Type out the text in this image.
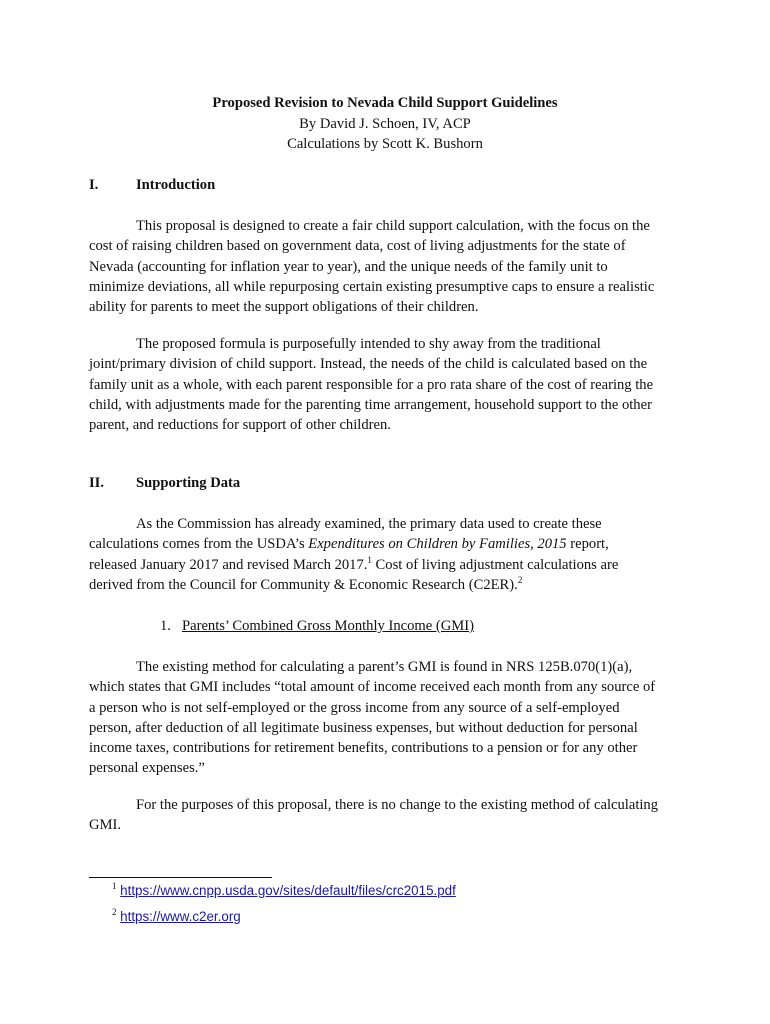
Proposed Revision to Nevada Child Support Guidelines
By David J. Schoen, IV, ACP
Calculations by Scott K. Bushorn
I.	Introduction
This proposal is designed to create a fair child support calculation, with the focus on the
cost of raising children based on government data, cost of living adjustments for the state of
Nevada (accounting for inflation year to year), and the unique needs of the family unit to
minimize deviations, all while repurposing certain existing presumptive caps to ensure a realistic
ability for parents to meet the support obligations of their children.
The proposed formula is purposefully intended to shy away from the traditional
joint/primary division of child support. Instead, the needs of the child is calculated based on the
family unit as a whole, with each parent responsible for a pro rata share of the cost of rearing the
child, with adjustments made for the parenting time arrangement, household support to the other
parent, and reductions for support of other children.
II. Supporting Data
As the Commission has already examined, the primary data used to create these
calculations comes from the USDA’s Expenditures on Children by Families, 2015 report,
released January 2017 and revised March 2017.$^1$ Cost of living adjustment calculations are
derived from the Council for Community & Economic Research (C2ER).$^2$
1. Parents’ Combined Gross Monthly Income (GMI)
The existing method for calculating a parent’s GMI is found in NRS 125B.070(1)(a),
which states that GMI includes “total amount of income received each month from any source of
a person who is not self-employed or the gross income from any source of a self-employed
person, after deduction of all legitimate business expenses, but without deduction for personal
income taxes, contributions for retirement benefits, contributions to a pension or for any other
personal expenses.”
For the purposes of this proposal, there is no change to the existing method of calculating
GMI.
$^1$ https://www.cnpp.usda.gov/sites/default/files/crc2015.pdf
$^2$ https://www.c2er.org
